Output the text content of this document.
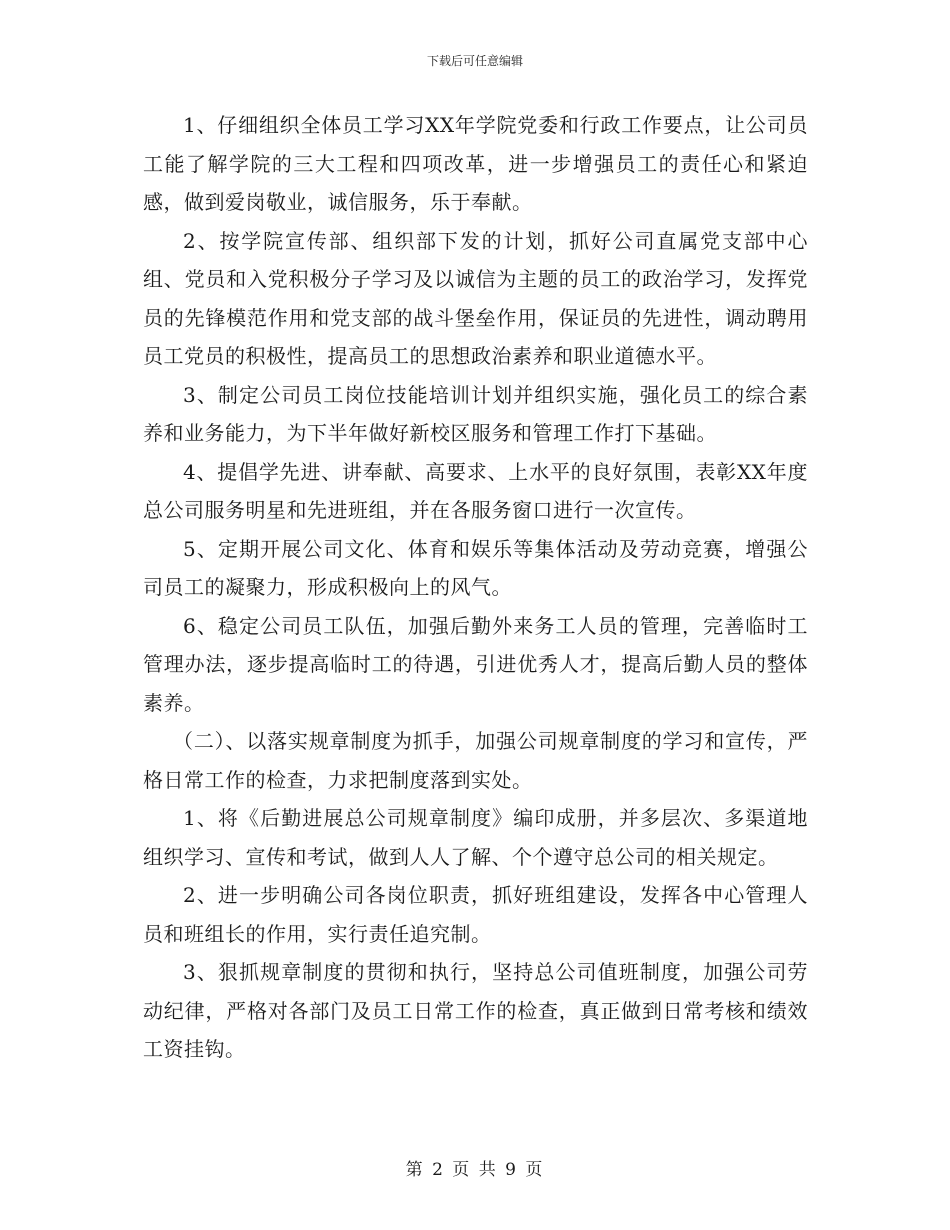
下载后可任意编辑

1、仔细组织全体员工学习XX年学院党委和行政工作要点，让公司员工能了解学院的三大工程和四项改革，进一步增强员工的责任心和紧迫感，做到爱岗敬业，诚信服务，乐于奉献。

2、按学院宣传部、组织部下发的计划，抓好公司直属党支部中心组、党员和入党积极分子学习及以诚信为主题的员工的政治学习，发挥党员的先锋模范作用和党支部的战斗堡垒作用，保证员的先进性，调动聘用员工党员的积极性，提高员工的思想政治素养和职业道德水平。

3、制定公司员工岗位技能培训计划并组织实施，强化员工的综合素养和业务能力，为下半年做好新校区服务和管理工作打下基础。

4、提倡学先进、讲奉献、高要求、上水平的良好氛围，表彰XX年度总公司服务明星和先进班组，并在各服务窗口进行一次宣传。

5、定期开展公司文化、体育和娱乐等集体活动及劳动竞赛，增强公司员工的凝聚力，形成积极向上的风气。

6、稳定公司员工队伍，加强后勤外来务工人员的管理，完善临时工管理办法，逐步提高临时工的待遇，引进优秀人才，提高后勤人员的整体素养。

（二）、以落实规章制度为抓手，加强公司规章制度的学习和宣传，严格日常工作的检查，力求把制度落到实处。

1、将《后勤进展总公司规章制度》编印成册，并多层次、多渠道地组织学习、宣传和考试，做到人人了解、个个遵守总公司的相关规定。

2、进一步明确公司各岗位职责，抓好班组建设，发挥各中心管理人员和班组长的作用，实行责任追究制。

3、狠抓规章制度的贯彻和执行，坚持总公司值班制度，加强公司劳动纪律，严格对各部门及员工日常工作的检查，真正做到日常考核和绩效工资挂钩。

第 2 页 共 9 页
